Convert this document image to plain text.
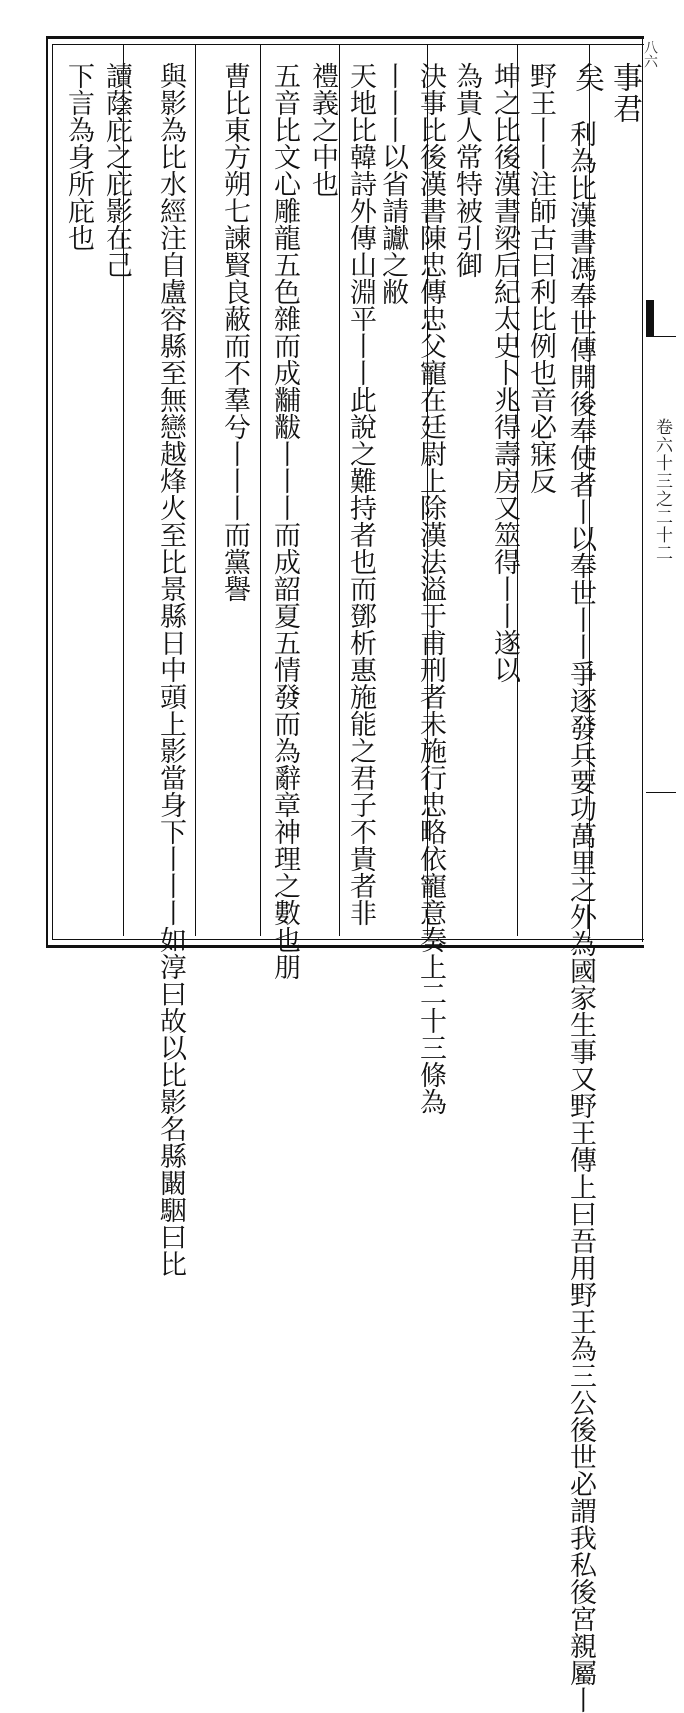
八六
卷六十三之二十二
事君
矣
利為比漢書馮奉世傳開後奉使者丨以奉世丨丨爭逐發兵要功萬里之外為國家生事又野王傳上曰吾用野王為三公後世必謂我私後宮親屬丨
野王丨丨注師古曰利比例也音必寐反
坤之比後漢書梁后紀太史卜兆得壽房又筮得丨丨遂以
為貴人常特被引御
決事比後漢書陳忠傳忠父寵在廷尉上除漢法溢于甫刑者未施行忠略依寵意奏上二十三條為
丨丨丨以省請讞之敝
天地比韓詩外傳山淵平丨丨此說之難持者也而鄧析惠施能之君子不貴者非
禮義之中也
五音比文心雕龍五色雜而成黼黻丨丨丨而成韶夏五情發而為辭章神理之數也朋
曹比東方朔七諫賢良蔽而不羣兮丨丨丨而黨譽
與影為比水經注自盧容縣至無戀越烽火至比景縣日中頭上影當身下丨丨丨如淳曰故以比影名縣闞駰曰比
讀蔭庇之庇影在己
下言為身所庇也
